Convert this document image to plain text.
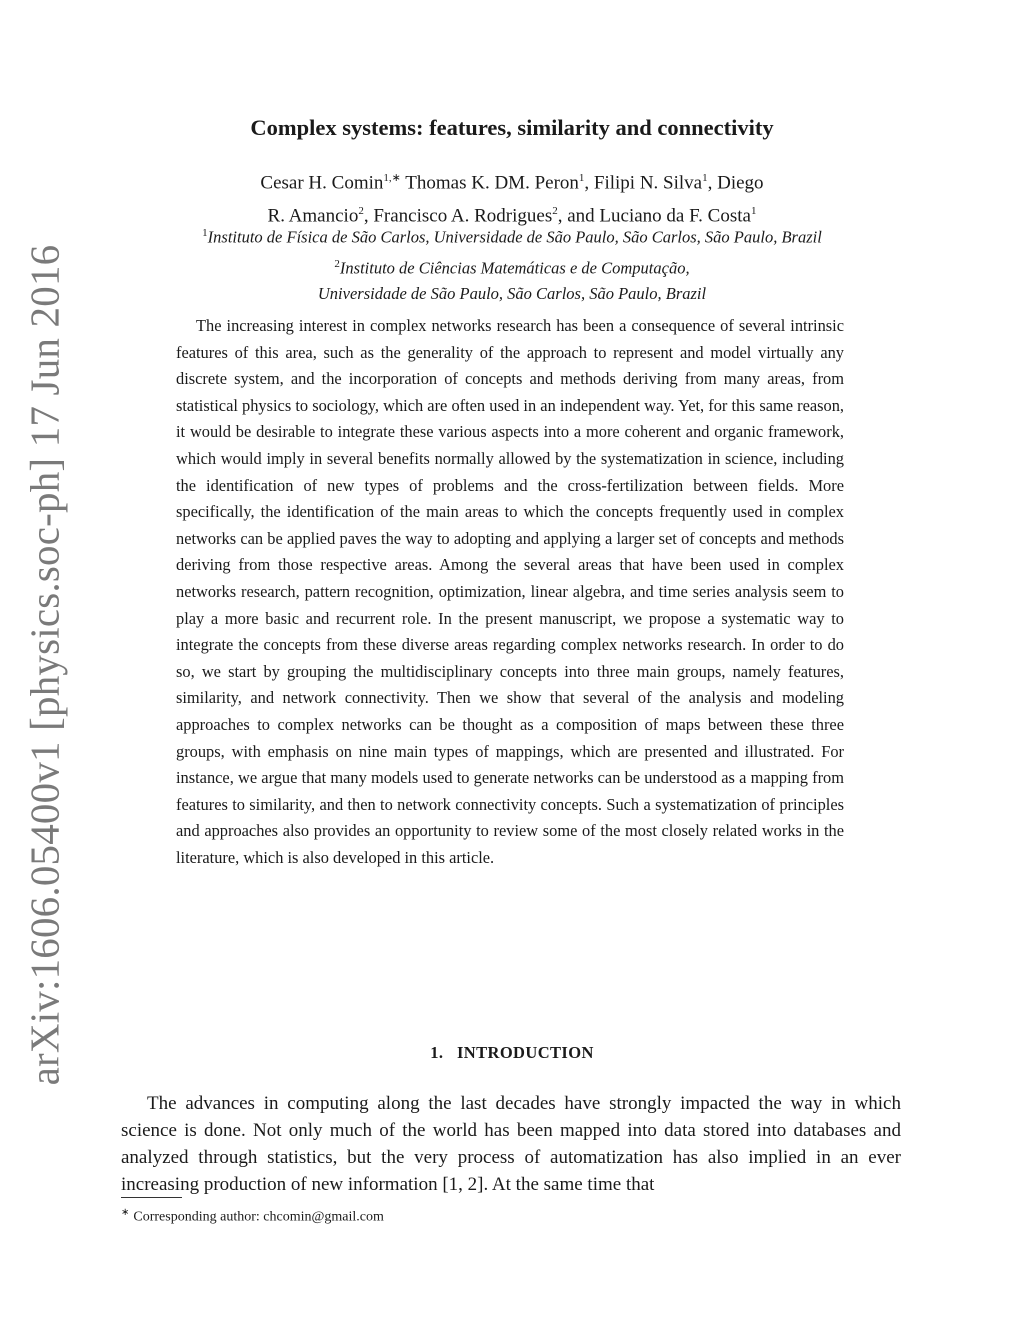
arXiv:1606.05400v1 [physics.soc-ph] 17 Jun 2016
Complex systems: features, similarity and connectivity
Cesar H. Comin$^{1,∗}$ Thomas K. DM. Peron$^1$, Filipi N. Silva$^1$, Diego
R. Amancio$^2$, Francisco A. Rodrigues$^2$, and Luciano da F. Costa$^1$
$^1$Instituto de Física de São Carlos, Universidade de São Paulo, São Carlos, São Paulo, Brazil
$^2$Instituto de Ciências Matemáticas e de Computação,
Universidade de São Paulo, São Carlos, São Paulo, Brazil

The increasing interest in complex networks research has been a consequence of several intrinsic features of this area, such as the generality of the approach to represent and model virtually any discrete system, and the incorporation of concepts and methods deriving from many areas, from statistical physics to sociology, which are often used in an independent way. Yet, for this same reason, it would be desirable to integrate these various aspects into a more coherent and organic framework, which would imply in several benefits normally allowed by the systematization in science, including the identification of new types of problems and the cross-fertilization between fields. More specifically, the identification of the main areas to which the concepts frequently used in complex networks can be applied paves the way to adopting and applying a larger set of concepts and methods deriving from those respective areas. Among the several areas that have been used in complex networks research, pattern recognition, optimization, linear algebra, and time series analysis seem to play a more basic and recurrent role. In the present manuscript, we propose a systematic way to integrate the concepts from these diverse areas regarding complex networks research. In order to do so, we start by grouping the multidisciplinary concepts into three main groups, namely features, similarity, and network connectivity. Then we show that several of the analysis and modeling approaches to complex networks can be thought as a composition of maps between these three groups, with emphasis on nine main types of mappings, which are presented and illustrated. For instance, we argue that many models used to generate networks can be understood as a mapping from features to similarity, and then to network connectivity concepts. Such a systematization of principles and approaches also provides an opportunity to review some of the most closely related works in the literature, which is also developed in this article.

1. INTRODUCTION

The advances in computing along the last decades have strongly impacted the way in which science is done. Not only much of the world has been mapped into data stored into databases and analyzed through statistics, but the very process of automatization has also implied in an ever increasing production of new information [1, 2]. At the same time that

∗ Corresponding author: chcomin@gmail.com
